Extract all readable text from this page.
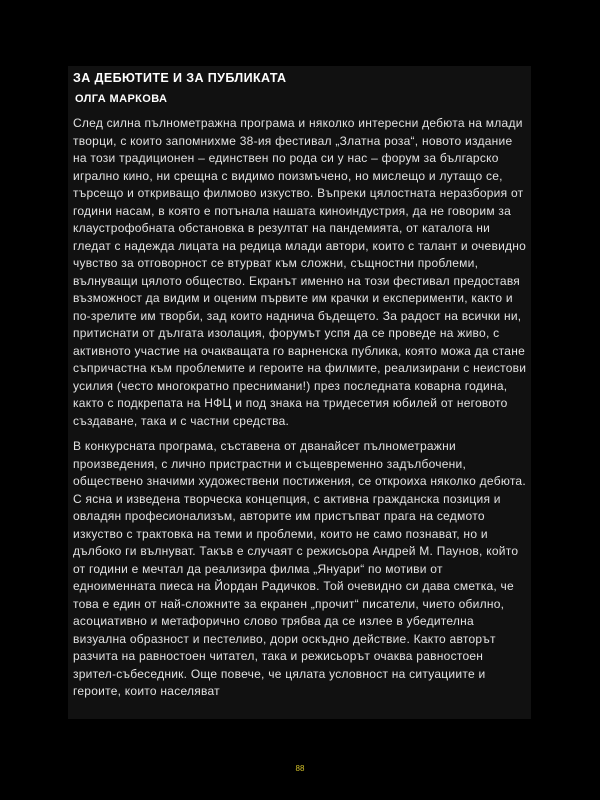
ЗА ДЕБЮТИТЕ И ЗА ПУБЛИКАТА
ОЛГА МАРКОВА

След силна пълнометражна програма и няколко интересни дебюта на млади творци, с които запомнихме 38-ия фестивал „Златна роза“, новото издание на този традиционен – единствен по рода си у нас – форум за българско игрално кино, ни срещна с видимо поизмъчено, но мислещо и лутащо се, търсещо и откриващо филмово изкуство. Въпреки цялостната неразбория от години насам, в която е потънала нашата киноиндустрия, да не говорим за клаустрофобната обстановка в резултат на пандемията, от каталога ни гледат с надежда лицата на редица млади автори, които с талант и очевидно чувство за отговорност се втурват към сложни, същностни проблеми, вълнуващи цялото общество. Екранът именно на този фестивал предоставя възможност да видим и оценим първите им крачки и експерименти, както и по-зрелите им творби, зад които надничa бъдещето. За радост на всички ни, притиснати от дългата изолация, форумът успя да се проведе на живо, с активното участие на очакващата го варненска публика, която можа да стане съпричастна към проблемите и героите на филмите, реализирани с неистови усилия (често многократно преснимани!) през последната коварна година, както с подкрепата на НФЦ и под знака на тридесетия юбилей от неговото създаване, така и с частни средства.

В конкурсната програма, съставена от дванайсет пълнометражни произведения, с лично пристрастни и същевременно задълбочени, обществено значими художествени постижения, се откроиха няколко дебюта. С ясна и изведена творческа концепция, с активна гражданска позиция и овладян професионализъм, авторите им пристъпват прага на седмото изкуство с трактовка на теми и проблеми, които не само познават, но и дълбоко ги вълнуват. Такъв е случаят с режисьора Андрей М. Паунов, който от години е мечтал да реализира филма „Януари“ по мотиви от едноименната пиеса на Йордан Радичков. Той очевидно си дава сметка, че това е един от най-сложните за екранен „прочит“ писатели, чието обилно, асоциативно и метафорично слово трябва да се излее в убедителна визуална образност и пестеливо, дори оскъдно действие. Както авторът разчита на равностоен читател, така и режисьорът очаква равностоен зрител-събеседник. Още повече, че цялата условност на ситуациите и героите, които населяват

88
